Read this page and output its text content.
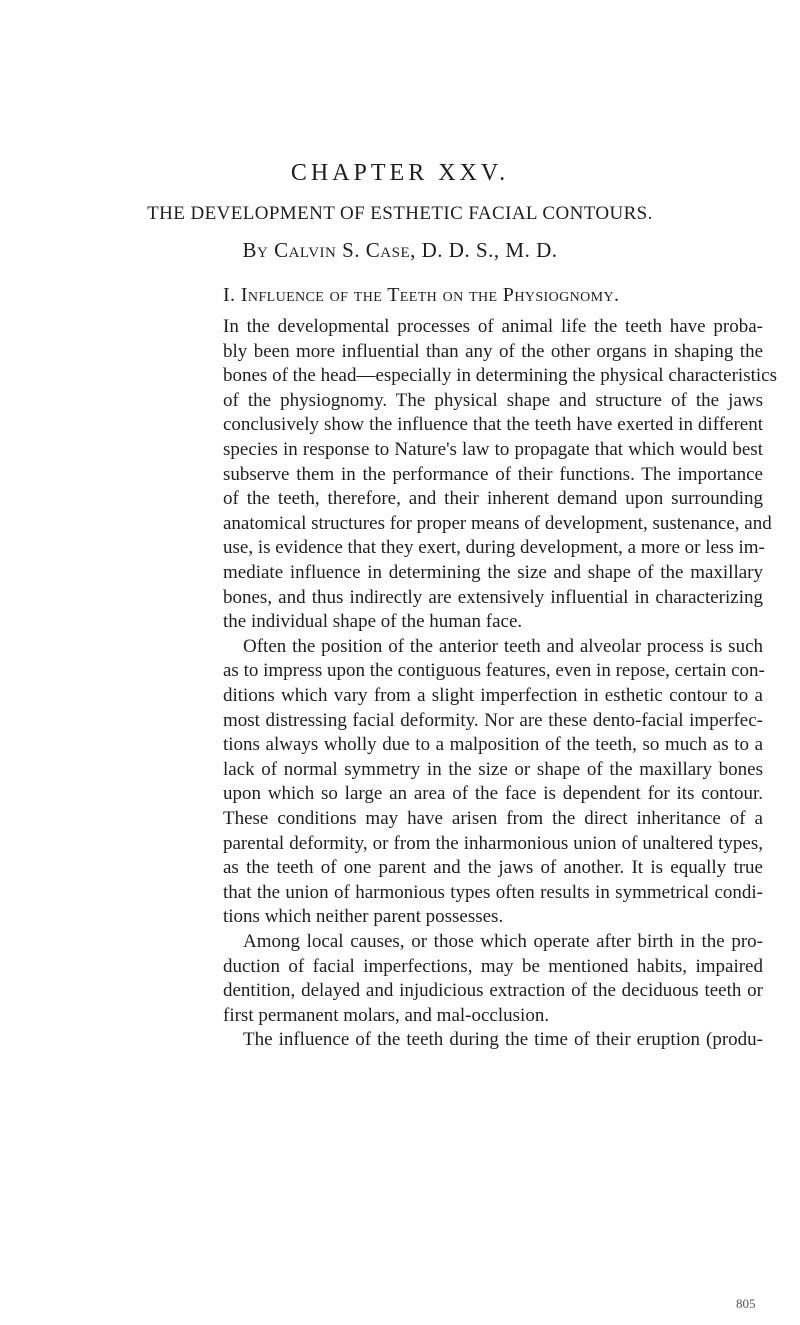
CHAPTER XXV.
THE DEVELOPMENT OF ESTHETIC FACIAL CONTOURS.
By Calvin S. Case, D. D. S., M. D.
I. Influence of the Teeth on the Physiognomy.
In the developmental processes of animal life the teeth have proba-
bly been more influential than any of the other organs in shaping the
bones of the head—especially in determining the physical characteristics
of the physiognomy. The physical shape and structure of the jaws
conclusively show the influence that the teeth have exerted in different
species in response to Nature's law to propagate that which would best
subserve them in the performance of their functions. The importance
of the teeth, therefore, and their inherent demand upon surrounding
anatomical structures for proper means of development, sustenance, and
use, is evidence that they exert, during development, a more or less im-
mediate influence in determining the size and shape of the maxillary
bones, and thus indirectly are extensively influential in characterizing
the individual shape of the human face.
Often the position of the anterior teeth and alveolar process is such
as to impress upon the contiguous features, even in repose, certain con-
ditions which vary from a slight imperfection in esthetic contour to a
most distressing facial deformity. Nor are these dento-facial imperfec-
tions always wholly due to a malposition of the teeth, so much as to a
lack of normal symmetry in the size or shape of the maxillary bones
upon which so large an area of the face is dependent for its contour.
These conditions may have arisen from the direct inheritance of a
parental deformity, or from the inharmonious union of unaltered types,
as the teeth of one parent and the jaws of another. It is equally true
that the union of harmonious types often results in symmetrical condi-
tions which neither parent possesses.
Among local causes, or those which operate after birth in the pro-
duction of facial imperfections, may be mentioned habits, impaired
dentition, delayed and injudicious extraction of the deciduous teeth or
first permanent molars, and mal-occlusion.
The influence of the teeth during the time of their eruption (produ-
805
